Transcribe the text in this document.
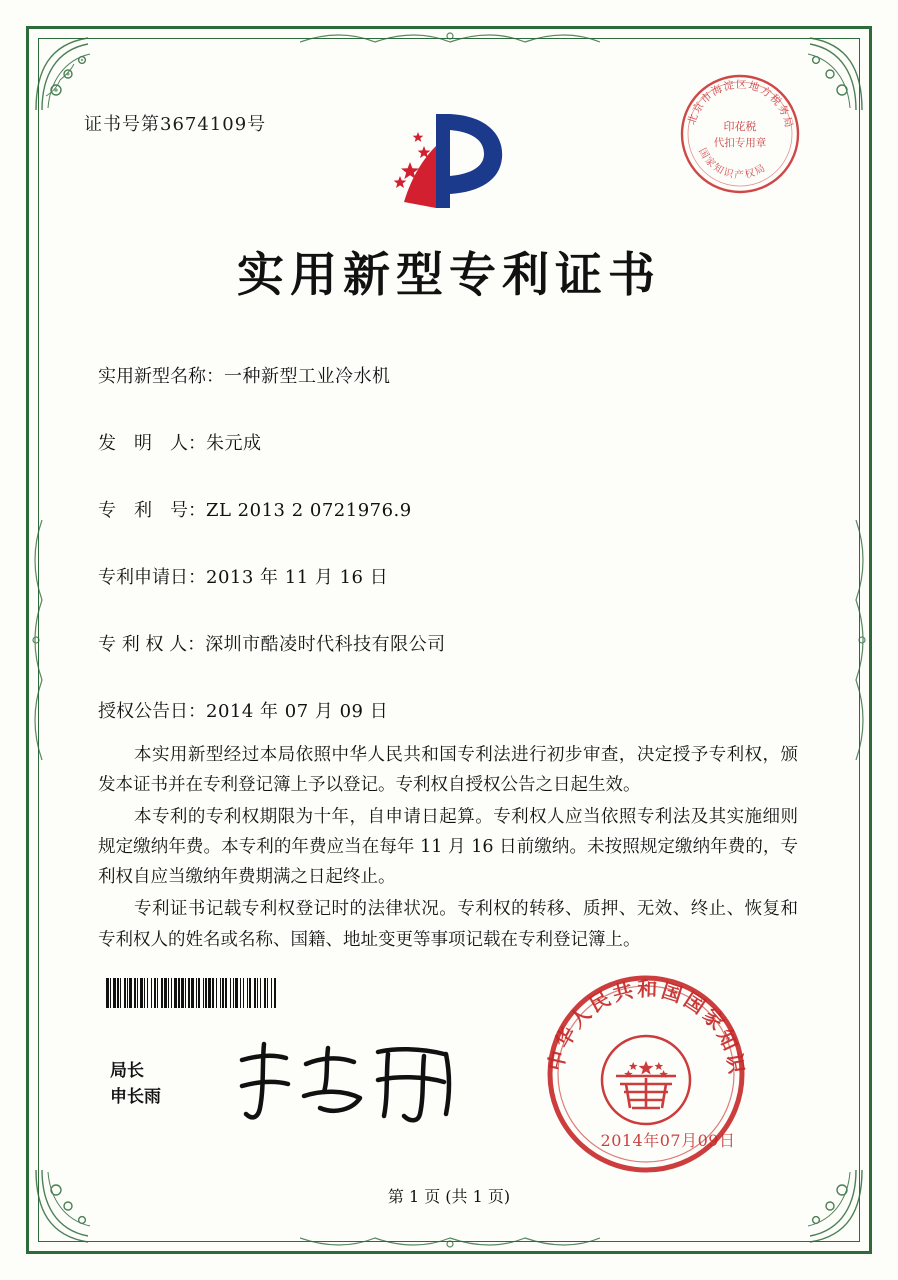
证书号第3674109号	北京市海淀区地方税务局
国家知识产权局
印花税
代扣专用章
实用新型专利证书
实用新型名称：一种新型工业冷水机
发　明　人：朱元成
专　利　号：ZL 2013 2 0721976.9
专利申请日：2013 年 11 月 16 日
专 利 权 人：深圳市酷凌时代科技有限公司
授权公告日：2014 年 07 月 09 日

本实用新型经过本局依照中华人民共和国专利法进行初步审查，决定授予专利权，颁发本证书并在专利登记簿上予以登记。专利权自授权公告之日起生效。

本专利的专利权期限为十年，自申请日起算。专利权人应当依照专利法及其实施细则规定缴纳年费。本专利的年费应当在每年 11 月 16 日前缴纳。未按照规定缴纳年费的，专利权自应当缴纳年费期满之日起终止。

专利证书记载专利权登记时的法律状况。专利权的转移、质押、无效、终止、恢复和专利权人的姓名或名称、国籍、地址变更等事项记载在专利登记簿上。

局长
申长雨
中华人民共和国国家知识
2014年07月09日
第 1 页 (共 1 页)
